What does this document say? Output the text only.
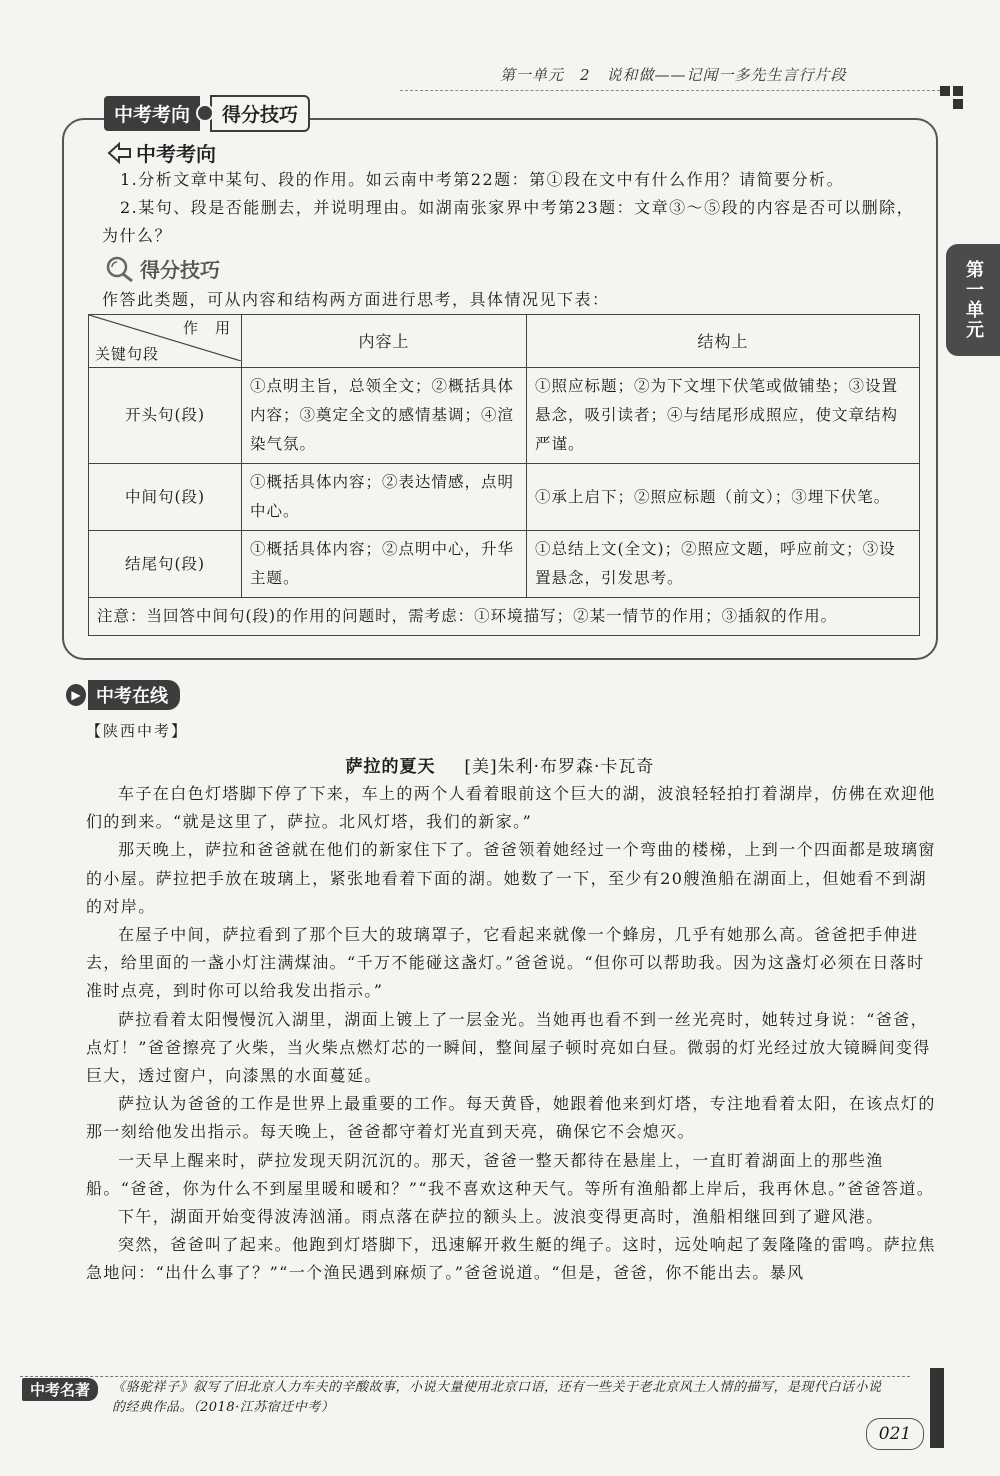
第一单元　2　说和做——记闻一多先生言行片段
第一单元
中考考向	得分技巧
中考考向
1.分析文章中某句、段的作用。如云南中考第22题：第①段在文中有什么作用？请简要分析。
2.某句、段是否能删去，并说明理由。如湖南张家界中考第23题：文章③～⑤段的内容是否可以删除，为什么？
得分技巧
作答此类题，可从内容和结构两方面进行思考，具体情况见下表：
作　用
关键句段	内容上	结构上
开头句(段)	①点明主旨，总领全文；②概括具体内容；③奠定全文的感情基调；④渲染气氛。	①照应标题；②为下文埋下伏笔或做铺垫；③设置悬念，吸引读者；④与结尾形成照应，使文章结构严谨。
中间句(段)	①概括具体内容；②表达情感，点明中心。	①承上启下；②照应标题（前文）；③埋下伏笔。
结尾句(段)	①概括具体内容；②点明中心，升华主题。	①总结上文(全文)；②照应文题，呼应前文；③设置悬念，引发思考。
注意：当回答中间句(段)的作用的问题时，需考虑：①环境描写；②某一情节的作用；③插叙的作用。		
▶ 中考在线
【陕西中考】
萨拉的夏天 [美]朱利·布罗森·卡瓦奇

车子在白色灯塔脚下停了下来，车上的两个人看着眼前这个巨大的湖，波浪轻轻拍打着湖岸，仿佛在欢迎他们的到来。“就是这里了，萨拉。北风灯塔，我们的新家。”

那天晚上，萨拉和爸爸就在他们的新家住下了。爸爸领着她经过一个弯曲的楼梯，上到一个四面都是玻璃窗的小屋。萨拉把手放在玻璃上，紧张地看着下面的湖。她数了一下，至少有20艘渔船在湖面上，但她看不到湖的对岸。

在屋子中间，萨拉看到了那个巨大的玻璃罩子，它看起来就像一个蜂房，几乎有她那么高。爸爸把手伸进去，给里面的一盏小灯注满煤油。“千万不能碰这盏灯。”爸爸说。“但你可以帮助我。因为这盏灯必须在日落时准时点亮，到时你可以给我发出指示。”

萨拉看着太阳慢慢沉入湖里，湖面上镀上了一层金光。当她再也看不到一丝光亮时，她转过身说：“爸爸，点灯！”爸爸擦亮了火柴，当火柴点燃灯芯的一瞬间，整间屋子顿时亮如白昼。微弱的灯光经过放大镜瞬间变得巨大，透过窗户，向漆黑的水面蔓延。

萨拉认为爸爸的工作是世界上最重要的工作。每天黄昏，她跟着他来到灯塔，专注地看着太阳，在该点灯的那一刻给他发出指示。每天晚上，爸爸都守着灯光直到天亮，确保它不会熄灭。

一天早上醒来时，萨拉发现天阴沉沉的。那天，爸爸一整天都待在悬崖上，一直盯着湖面上的那些渔船。“爸爸，你为什么不到屋里暖和暖和？”“我不喜欢这种天气。等所有渔船都上岸后，我再休息。”爸爸答道。

下午，湖面开始变得波涛汹涌。雨点落在萨拉的额头上。波浪变得更高时，渔船相继回到了避风港。

突然，爸爸叫了起来。他跑到灯塔脚下，迅速解开救生艇的绳子。这时，远处响起了轰隆隆的雷鸣。萨拉焦急地问：“出什么事了？”“一个渔民遇到麻烦了。”爸爸说道。“但是，爸爸，你不能出去。暴风

中考名著	《骆驼祥子》叙写了旧北京人力车夫的辛酸故事，小说大量使用北京口语，还有一些关于老北京风土人情的描写，是现代白话小说的经典作品。（2018·江苏宿迁中考）
021
